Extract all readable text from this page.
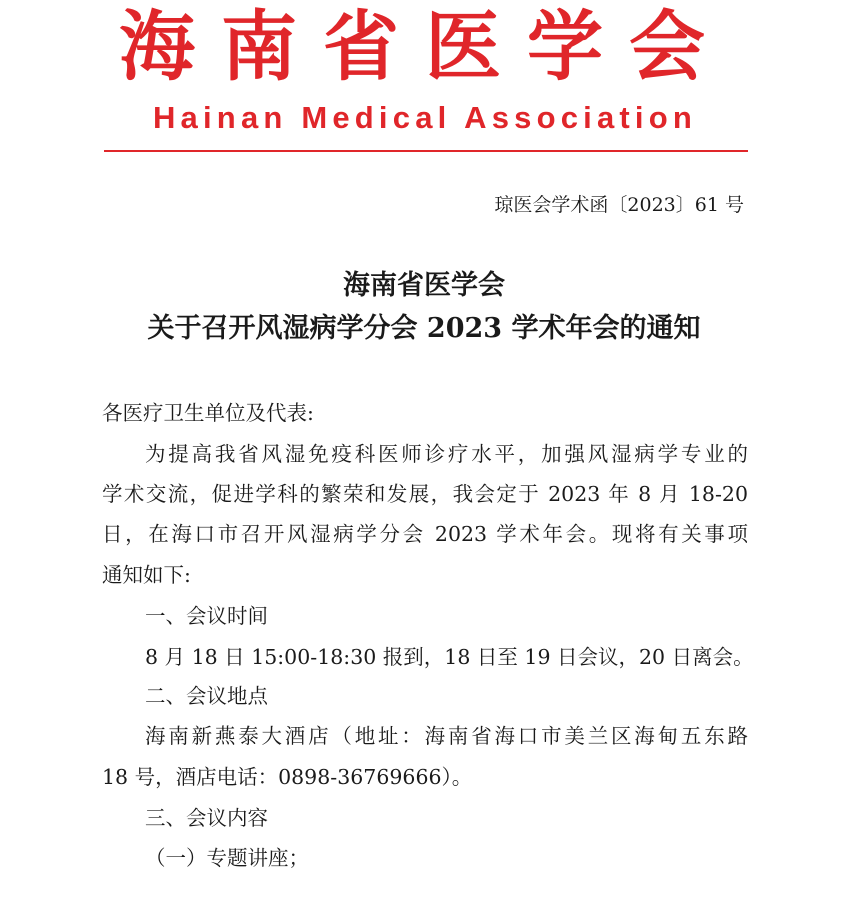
海南省医学会
Hainan Medical Association
琼医会学术函〔2023〕61 号
海南省医学会
关于召开风湿病学分会 2023 学术年会的通知
各医疗卫生单位及代表:
为提高我省风湿免疫科医师诊疗水平，加强风湿病学专业的
学术交流，促进学科的繁荣和发展，我会定于 2023 年 8 月 18-20
日，在海口市召开风湿病学分会 2023 学术年会。现将有关事项
通知如下:
一、会议时间
8 月 18 日 15:00-18:30 报到，18 日至 19 日会议，20 日离会。
二、会议地点
海南新燕泰大酒店（地址：海南省海口市美兰区海甸五东路
18 号，酒店电话：0898-36769666）。
三、会议内容
（一）专题讲座；
